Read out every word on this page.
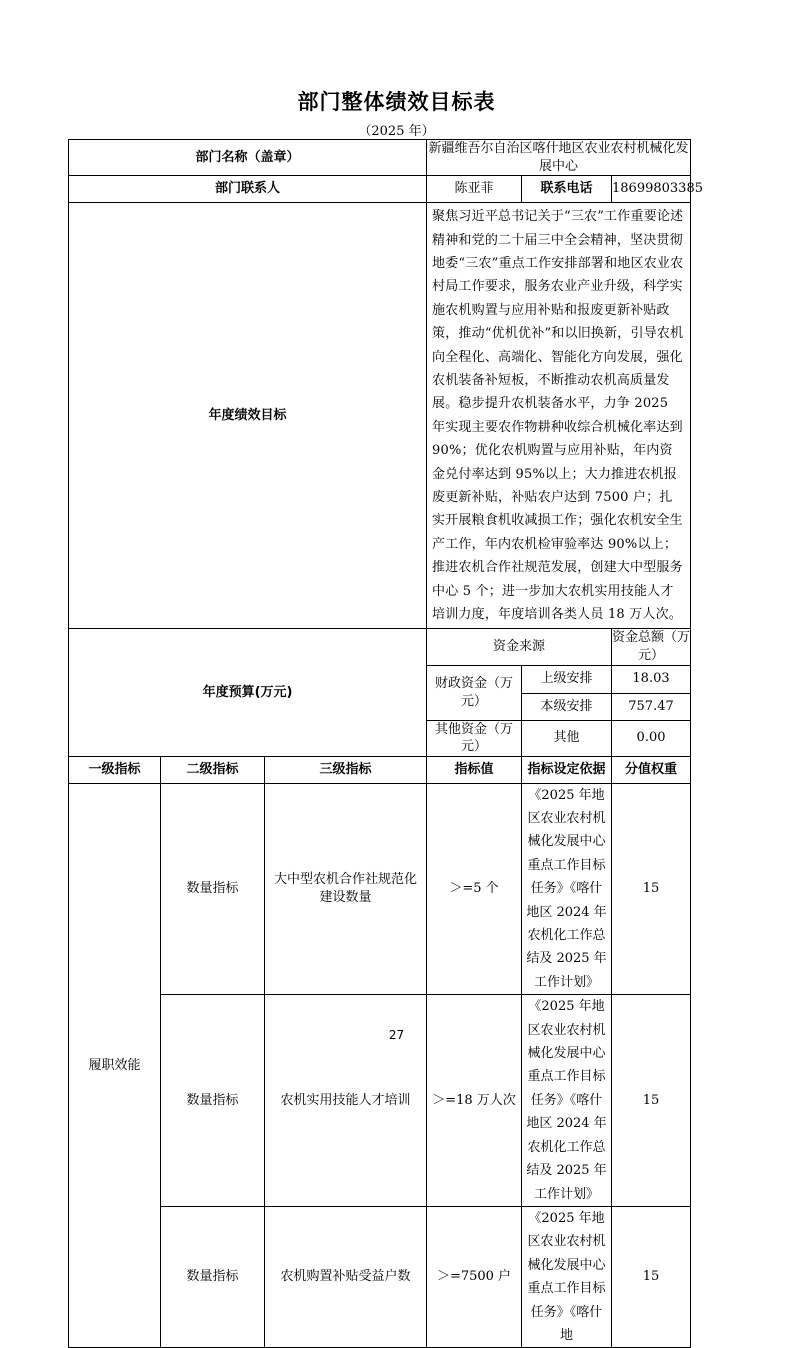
部门整体绩效目标表
（2025 年）
部门名称（盖章）			新疆维吾尔自治区喀什地区农业农村机械化发展中心		
部门联系人			陈亚菲	联系电话	18699803385
年度绩效目标			聚焦习近平总书记关于“三农”工作重要论述精神和党的二十届三中全会精神，坚决贯彻地委“三农”重点工作安排部署和地区农业农村局工作要求，服务农业产业升级，科学实施农机购置与应用补贴和报废更新补贴政策，推动“优机优补”和以旧换新，引导农机向全程化、高端化、智能化方向发展，强化农机装备补短板，不断推动农机高质量发展。稳步提升农机装备水平，力争 2025 年实现主要农作物耕种收综合机械化率达到 90%；优化农机购置与应用补贴，年内资金兑付率达到 95%以上；大力推进农机报废更新补贴，补贴农户达到 7500 户；扎实开展粮食机收减损工作；强化农机安全生产工作，年内农机检审验率达 90%以上；推进农机合作社规范发展，创建大中型服务中心 5 个；进一步加大农机实用技能人才培训力度，年度培训各类人员 18 万人次。		
年度预算(万元)			资金来源		资金总额（万元）
			财政资金（万元）	上级安排	18.03
				本级安排	757.47
			其他资金（万元）	其他	0.00
一级指标	二级指标	三级指标	指标值	指标设定依据	分值权重
履职效能	数量指标	大中型农机合作社规范化建设数量	＞=5 个	《2025 年地区农业农村机械化发展中心重点工作目标任务》《喀什地区 2024 年农机化工作总结及 2025 年工作计划》	15
	数量指标	农机实用技能人才培训	＞=18 万人次	《2025 年地区农业农村机械化发展中心重点工作目标任务》《喀什地区 2024 年农机化工作总结及 2025 年工作计划》	15
	数量指标	农机购置补贴受益户数	＞=7500 户	《2025 年地区农业农村机械化发展中心重点工作目标任务》《喀什地	15
27
